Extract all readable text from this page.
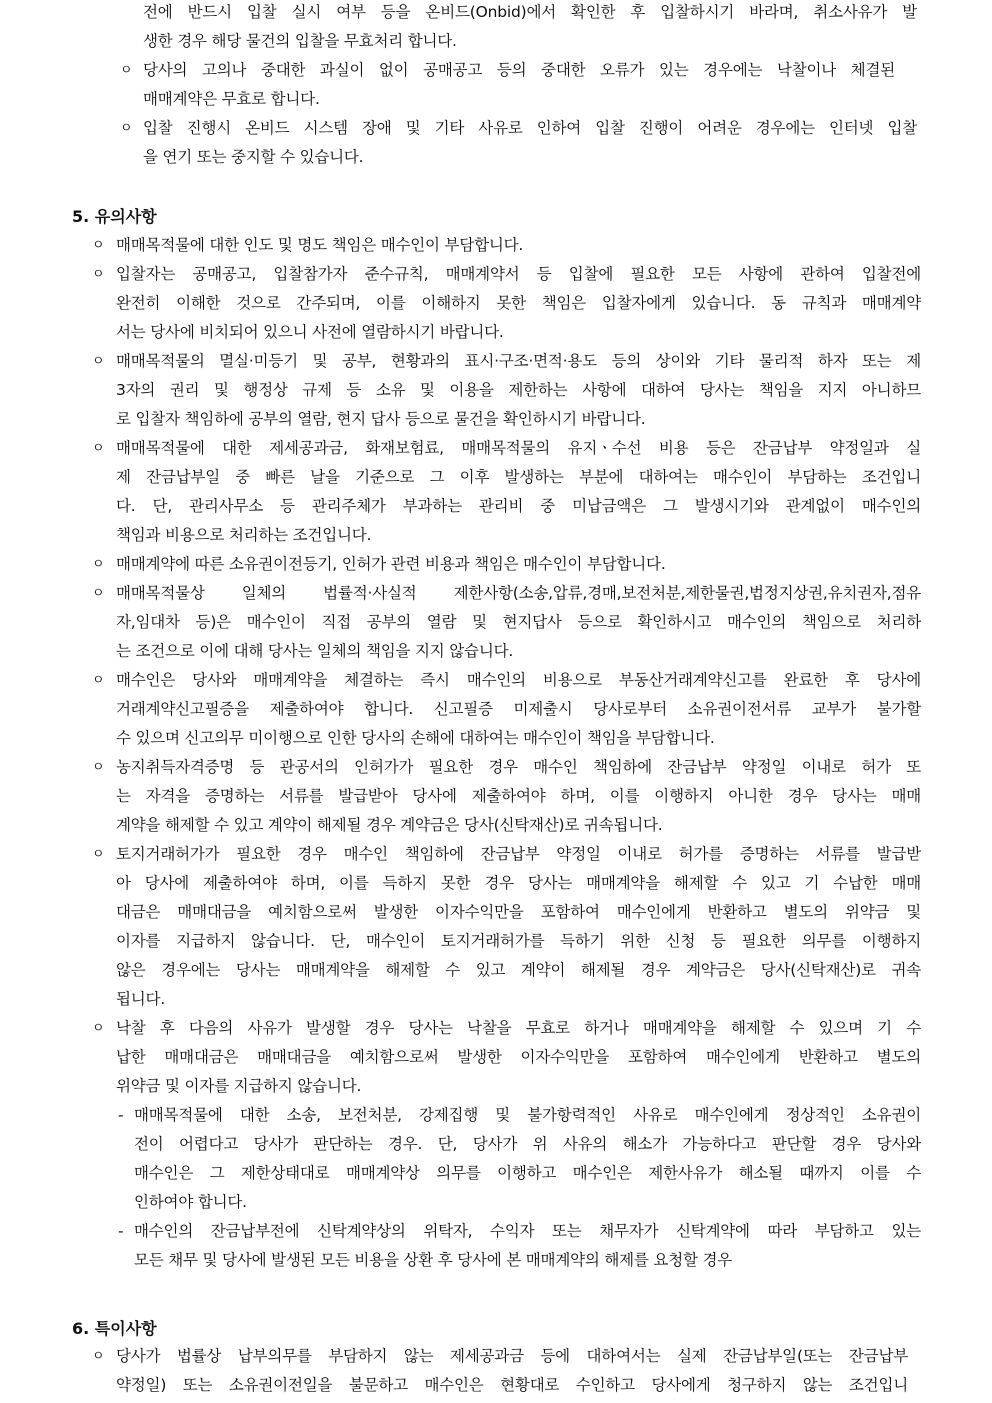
전에 반드시 입찰 실시 여부 등을 온비드(Onbid)에서 확인한 후 입찰하시기 바라며, 취소사유가 발
생한 경우 해당 물건의 입찰을 무효처리 합니다.
ㅇ 당사의 고의나 중대한 과실이 없이 공매공고 등의 중대한 오류가 있는 경우에는 낙찰이나 체결된
매매계약은 무효로 합니다.
ㅇ 입찰 진행시 온비드 시스템 장애 및 기타 사유로 인하여 입찰 진행이 어려운 경우에는 인터넷 입찰
을 연기 또는 중지할 수 있습니다.
5. 유의사항
ㅇ 매매목적물에 대한 인도 및 명도 책임은 매수인이 부담합니다.
ㅇ 입찰자는 공매공고, 입찰참가자 준수규칙, 매매계약서 등 입찰에 필요한 모든 사항에 관하여 입찰전에
완전히 이해한 것으로 간주되며, 이를 이해하지 못한 책임은 입찰자에게 있습니다. 동 규칙과 매매계약
서는 당사에 비치되어 있으니 사전에 열람하시기 바랍니다.
ㅇ 매매목적물의 멸실·미등기 및 공부, 현황과의 표시·구조·면적·용도 등의 상이와 기타 물리적 하자 또는 제
3자의 권리 및 행정상 규제 등 소유 및 이용을 제한하는 사항에 대하여 당사는 책임을 지지 아니하므
로 입찰자 책임하에 공부의 열람, 현지 답사 등으로 물건을 확인하시기 바랍니다.
ㅇ 매매목적물에 대한 제세공과금, 화재보험료, 매매목적물의 유지ㆍ수선 비용 등은 잔금납부 약정일과 실
제 잔금납부일 중 빠른 날을 기준으로 그 이후 발생하는 부분에 대하여는 매수인이 부담하는 조건입니
다. 단, 관리사무소 등 관리주체가 부과하는 관리비 중 미납금액은 그 발생시기와 관계없이 매수인의
책임과 비용으로 처리하는 조건입니다.
ㅇ 매매계약에 따른 소유권이전등기, 인허가 관련 비용과 책임은 매수인이 부담합니다.
ㅇ 매매목적물상 일체의 법률적·사실적 제한사항(소송,압류,경매,보전처분,제한물권,법정지상권,유치권자,점유
자,임대차 등)은 매수인이 직접 공부의 열람 및 현지답사 등으로 확인하시고 매수인의 책임으로 처리하
는 조건으로 이에 대해 당사는 일체의 책임을 지지 않습니다.
ㅇ 매수인은 당사와 매매계약을 체결하는 즉시 매수인의 비용으로 부동산거래계약신고를 완료한 후 당사에
거래계약신고필증을 제출하여야 합니다. 신고필증 미제출시 당사로부터 소유권이전서류 교부가 불가할
수 있으며 신고의무 미이행으로 인한 당사의 손해에 대하여는 매수인이 책임을 부담합니다.
ㅇ 농지취득자격증명 등 관공서의 인허가가 필요한 경우 매수인 책임하에 잔금납부 약정일 이내로 허가 또
는 자격을 증명하는 서류를 발급받아 당사에 제출하여야 하며, 이를 이행하지 아니한 경우 당사는 매매
계약을 해제할 수 있고 계약이 해제될 경우 계약금은 당사(신탁재산)로 귀속됩니다.
ㅇ 토지거래허가가 필요한 경우 매수인 책임하에 잔금납부 약정일 이내로 허가를 증명하는 서류를 발급받
아 당사에 제출하여야 하며, 이를 득하지 못한 경우 당사는 매매계약을 해제할 수 있고 기 수납한 매매
대금은 매매대금을 예치함으로써 발생한 이자수익만을 포함하여 매수인에게 반환하고 별도의 위약금 및
이자를 지급하지 않습니다. 단, 매수인이 토지거래허가를 득하기 위한 신청 등 필요한 의무를 이행하지
않은 경우에는 당사는 매매계약을 해제할 수 있고 계약이 해제될 경우 계약금은 당사(신탁재산)로 귀속
됩니다.
ㅇ 낙찰 후 다음의 사유가 발생할 경우 당사는 낙찰을 무효로 하거나 매매계약을 해제할 수 있으며 기 수
납한 매매대금은 매매대금을 예치함으로써 발생한 이자수익만을 포함하여 매수인에게 반환하고 별도의
위약금 및 이자를 지급하지 않습니다.
- 매매목적물에 대한 소송, 보전처분, 강제집행 및 불가항력적인 사유로 매수인에게 정상적인 소유권이
전이 어렵다고 당사가 판단하는 경우. 단, 당사가 위 사유의 해소가 가능하다고 판단할 경우 당사와
매수인은 그 제한상태대로 매매계약상 의무를 이행하고 매수인은 제한사유가 해소될 때까지 이를 수
인하여야 합니다.
- 매수인의 잔금납부전에 신탁계약상의 위탁자, 수익자 또는 채무자가 신탁계약에 따라 부담하고 있는
모든 채무 및 당사에 발생된 모든 비용을 상환 후 당사에 본 매매계약의 해제를 요청할 경우
6. 특이사항
ㅇ 당사가 법률상 납부의무를 부담하지 않는 제세공과금 등에 대하여서는 실제 잔금납부일(또는 잔금납부
약정일) 또는 소유권이전일을 불문하고 매수인은 현황대로 수인하고 당사에게 청구하지 않는 조건입니
